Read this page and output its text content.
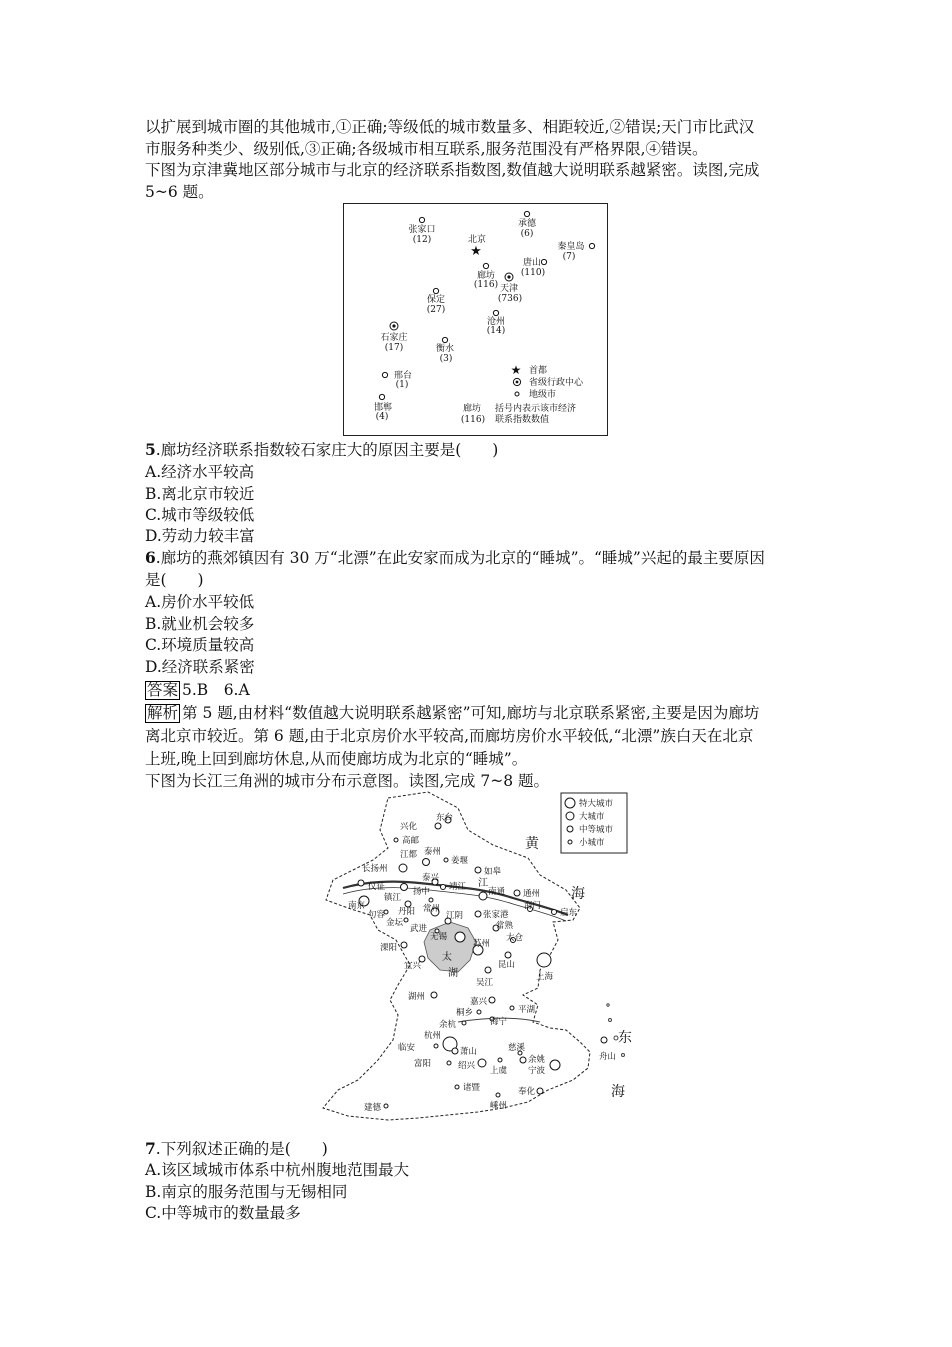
以扩展到城市圈的其他城市,①正确;等级低的城市数量多、相距较近,②错误;天门市比武汉
市服务种类少、级别低,③正确;各级城市相互联系,服务范围没有严格界限,④错误。
下图为京津冀地区部分城市与北京的经济联系指数图,数值越大说明联系越紧密。读图,完成
5~6 题。
张家口
(12)
承德
(6)
北京
★	秦皇岛
(7)
唐山
(110)
廊坊
(116) 天津
(736)
保定
(27)
沧州
(14)
石家庄
(17)	衡水
(3)
邢台
(1)
邯郸
(4)
★ 首都
省级行政中心
地级市
廊坊
(116)
括号内表示该市经济
联系指数数值
5.廊坊经济联系指数较石家庄大的原因主要是(　　)
A.经济水平较高
B.离北京市较近
C.城市等级较低
D.劳动力较丰富
6.廊坊的燕郊镇因有 30 万“北漂”在此安家而成为北京的“睡城”。“睡城”兴起的最主要原因
是(　　)
A.房价水平较低
B.就业机会较多
C.环境质量较高
D.经济联系紧密
答案 5.B　6.A
解析 第 5 题,由材料“数值越大说明联系越紧密”可知,廊坊与北京联系紧密,主要是因为廊坊
离北京市较近。第 6 题,由于北京房价水平较高,而廊坊房价水平较低,“北漂”族白天在北京
上班,晚上回到廊坊休息,从而使廊坊成为北京的“睡城”。
下图为长江三角洲的城市分布示意图。读图,完成 7~8 题。
特大城市
大城市
中等城市
小城市
黄
海
东
海
太
湖
江
兴化
东台
高邮
江都 泰州
姜堰
长扬州
仪征
泰兴
如皋
镇江
扬中 靖江	南通 通州
南京
句容 丹阳 常州
张家港
海门
启东
金坛
江阴
常熟
武进
无锡	太仓
溧阳	苏州
宜兴	昆山
上海
吴江
湖州	嘉兴
平湖
桐乡
海宁
余杭
杭州
临安	萧山	慈溪
舟山
富阳	绍兴 上虞
余姚
宁波
诸暨	奉化
建德	嵊州
7.下列叙述正确的是(　　)
A.该区域城市体系中杭州腹地范围最大
B.南京的服务范围与无锡相同
C.中等城市的数量最多
